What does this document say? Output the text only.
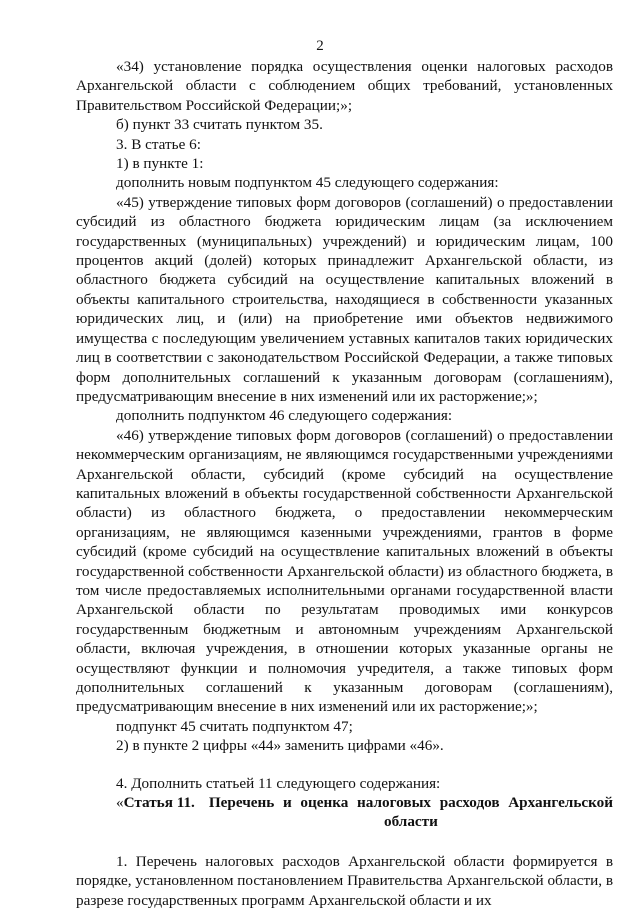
2
«34) установление порядка осуществления оценки налоговых расходов Архангельской области с соблюдением общих требований, установленных Правительством Российской Федерации;»;
б) пункт 33 считать пунктом 35.
3. В статье 6:
1) в пункте 1:
дополнить новым подпунктом 45 следующего содержания:
«45) утверждение типовых форм договоров (соглашений) о предоставлении субсидий из областного бюджета юридическим лицам (за исключением государственных (муниципальных) учреждений) и юридическим лицам, 100 процентов акций (долей) которых принадлежит Архангельской области, из областного бюджета субсидий на осуществление капитальных вложений в объекты капитального строительства, находящиеся в собственности указанных юридических лиц, и (или) на приобретение ими объектов недвижимого имущества с последующим увеличением уставных капиталов таких юридических лиц в соответствии с законодательством Российской Федерации, а также типовых форм дополнительных соглашений к указанным договорам (соглашениям), предусматривающим внесение в них изменений или их расторжение;»;
дополнить подпунктом 46 следующего содержания:
«46) утверждение типовых форм договоров (соглашений) о предоставлении некоммерческим организациям, не являющимся государственными учреждениями Архангельской области, субсидий (кроме субсидий на осуществление капитальных вложений в объекты государственной собственности Архангельской области) из областного бюджета, о предоставлении некоммерческим организациям, не являющимся казенными учреждениями, грантов в форме субсидий (кроме субсидий на осуществление капитальных вложений в объекты государственной собственности Архангельской области) из областного бюджета, в том числе предоставляемых исполнительными органами государственной власти Архангельской области по результатам проводимых ими конкурсов государственным бюджетным и автономным учреждениям Архангельской области, включая учреждения, в отношении которых указанные органы не осуществляют функции и полномочия учредителя, а также типовых форм дополнительных соглашений к указанным договорам (соглашениям), предусматривающим внесение в них изменений или их расторжение;»;
подпункт 45 считать подпунктом 47;
2) в пункте 2 цифры «44» заменить цифрами «46».
4. Дополнить статьей 11 следующего содержания:
« Статья 11. Перечень и оценка налоговых расходов Архангельской
области
1. Перечень налоговых расходов Архангельской области формируется в порядке, установленном постановлением Правительства Архангельской области, в разрезе государственных программ Архангельской области и их
